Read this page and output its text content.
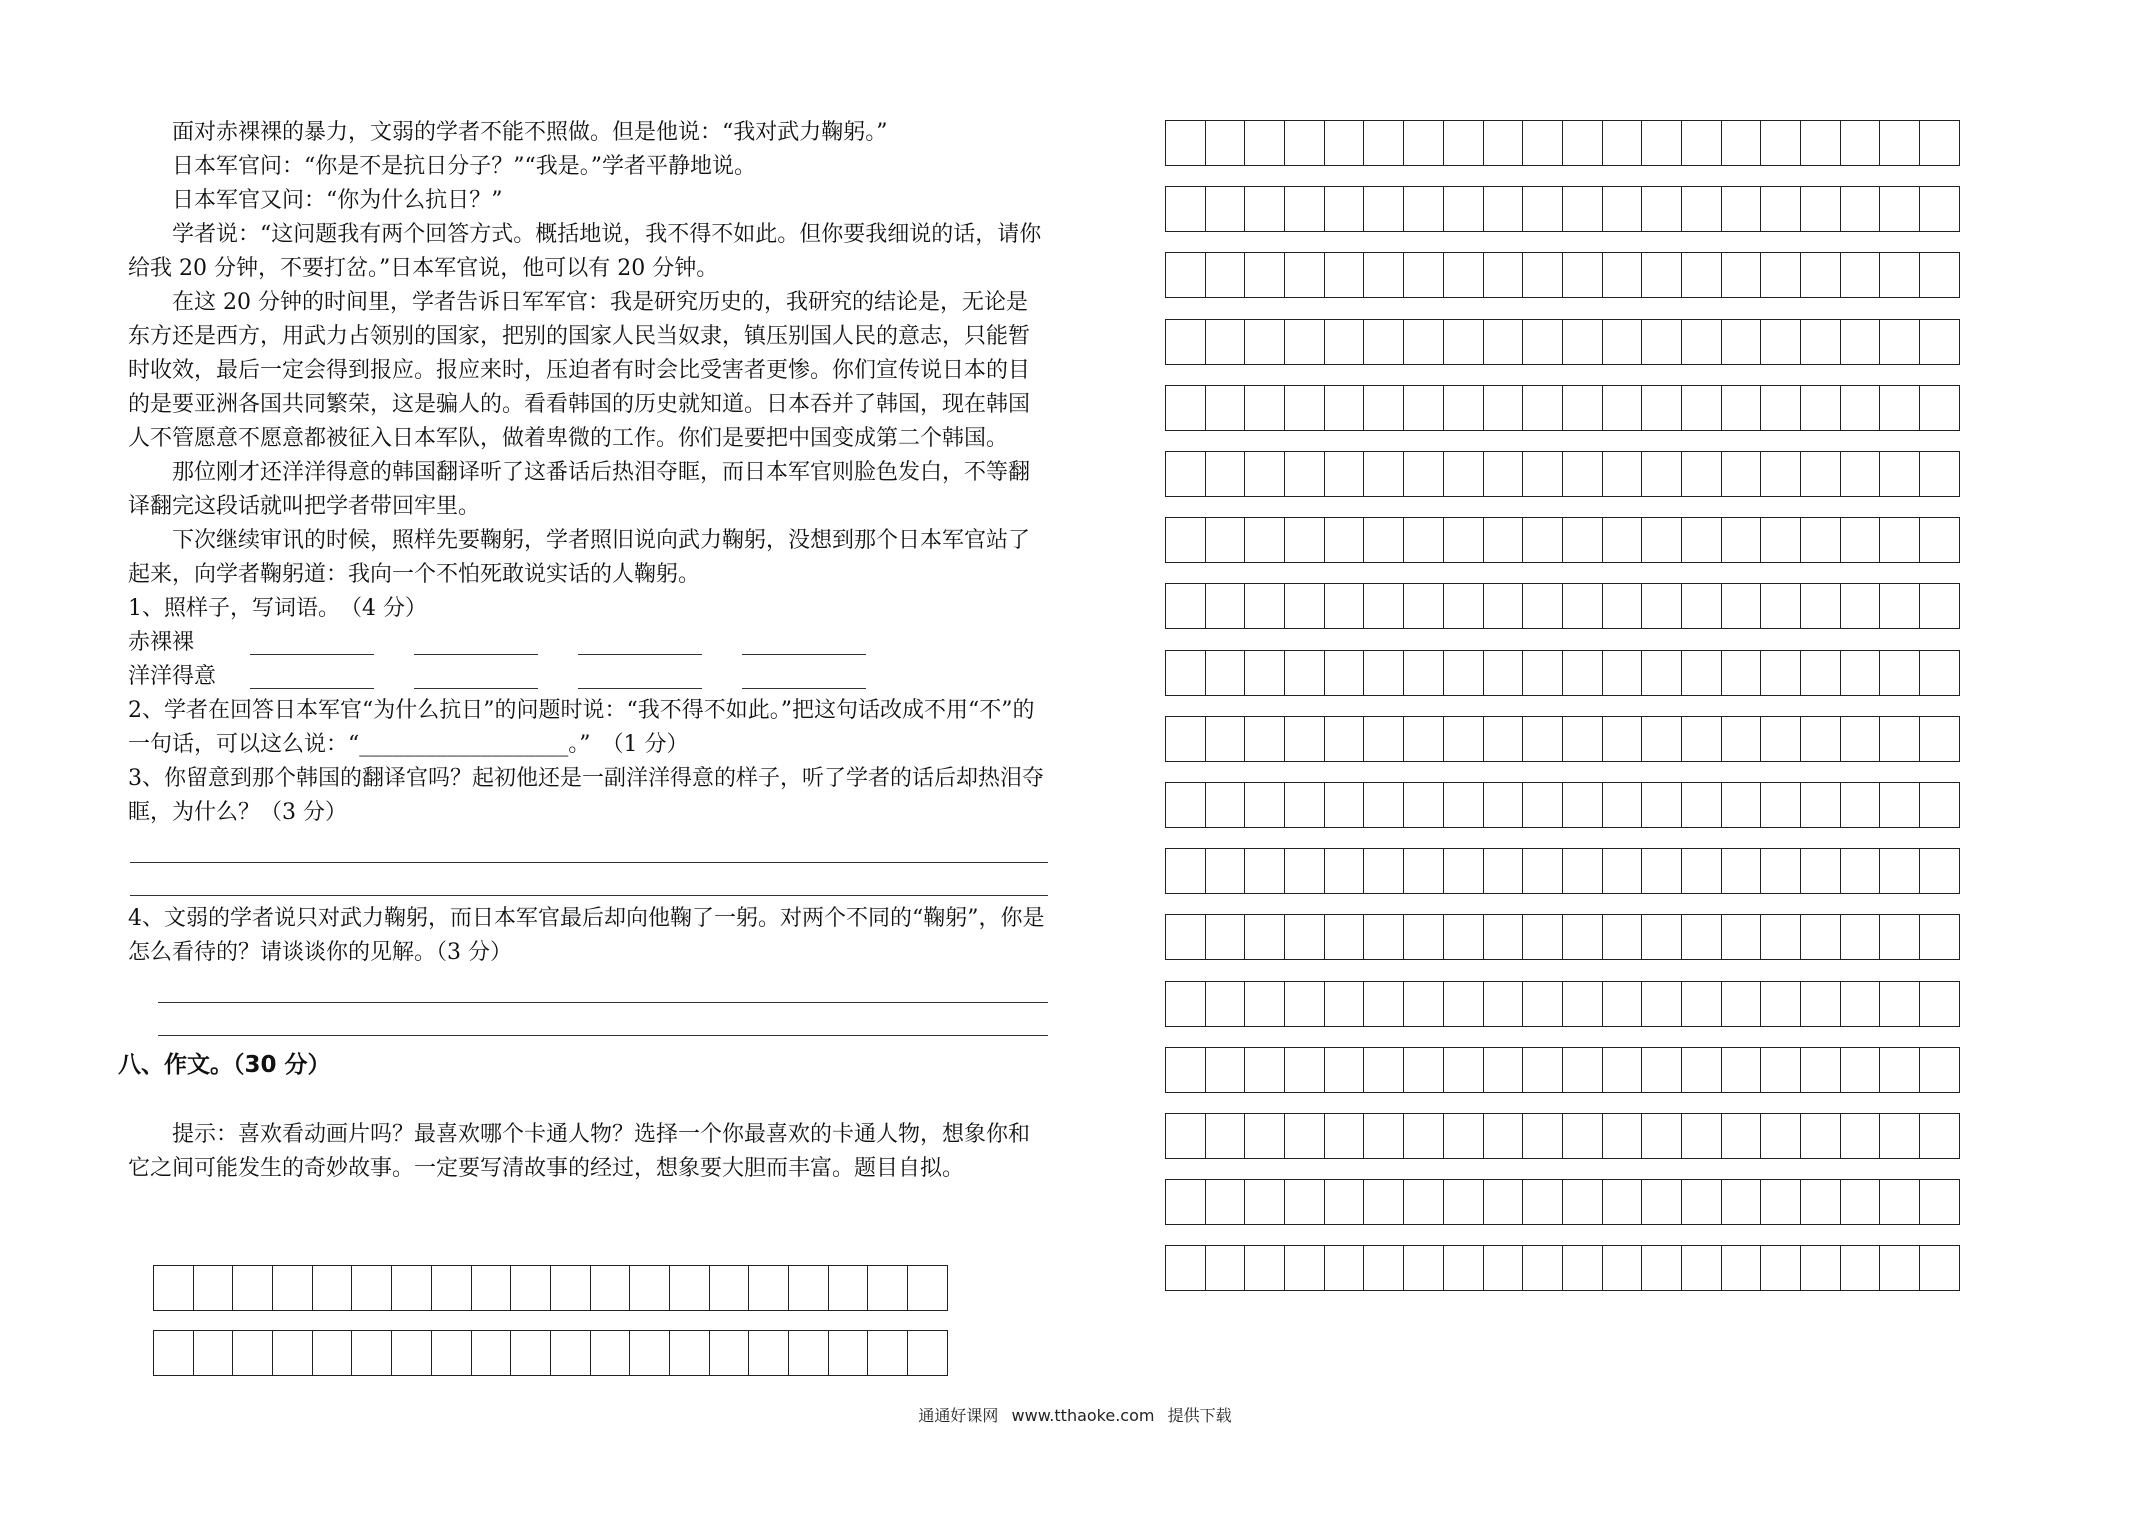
面对赤裸裸的暴力，文弱的学者不能不照做。但是他说：“我对武力鞠躬。”

日本军官问：“你是不是抗日分子？”“我是。”学者平静地说。

日本军官又问：“你为什么抗日？”

学者说：“这问题我有两个回答方式。概括地说，我不得不如此。但你要我细说的话，请你给我 20 分钟，不要打岔。”日本军官说，他可以有 20 分钟。

在这 20 分钟的时间里，学者告诉日军军官：我是研究历史的，我研究的结论是，无论是东方还是西方，用武力占领别的国家，把别的国家人民当奴隶，镇压别国人民的意志，只能暂时收效，最后一定会得到报应。报应来时，压迫者有时会比受害者更惨。你们宣传说日本的目的是要亚洲各国共同繁荣，这是骗人的。看看韩国的历史就知道。日本吞并了韩国，现在韩国人不管愿意不愿意都被征入日本军队，做着卑微的工作。你们是要把中国变成第二个韩国。

那位刚才还洋洋得意的韩国翻译听了这番话后热泪夺眶，而日本军官则脸色发白，不等翻译翻完这段话就叫把学者带回牢里。

下次继续审讯的时候，照样先要鞠躬，学者照旧说向武力鞠躬，没想到那个日本军官站了起来，向学者鞠躬道：我向一个不怕死敢说实话的人鞠躬。

1、照样子，写词语。　（4 分）

赤裸裸
洋洋得意

2、学者在回答日本军官“为什么抗日”的问题时说：“我不得不如此。”把这句话改成不用“不”的一句话，可以这么说：“___________________。”　（1 分）

3、你留意到那个韩国的翻译官吗？起初他还是一副洋洋得意的样子，听了学者的话后却热泪夺眶，为什么？（3 分）

4、文弱的学者说只对武力鞠躬，而日本军官最后却向他鞠了一躬。对两个不同的“鞠躬”，你是怎么看待的？请谈谈你的见解。（3 分）

八、作文。（30 分）

提示：喜欢看动画片吗？最喜欢哪个卡通人物？选择一个你最喜欢的卡通人物，想象你和它之间可能发生的奇妙故事。一定要写清故事的经过，想象要大胆而丰富。题目自拟。

通通好课网 www.tthaoke.com 提供下载
